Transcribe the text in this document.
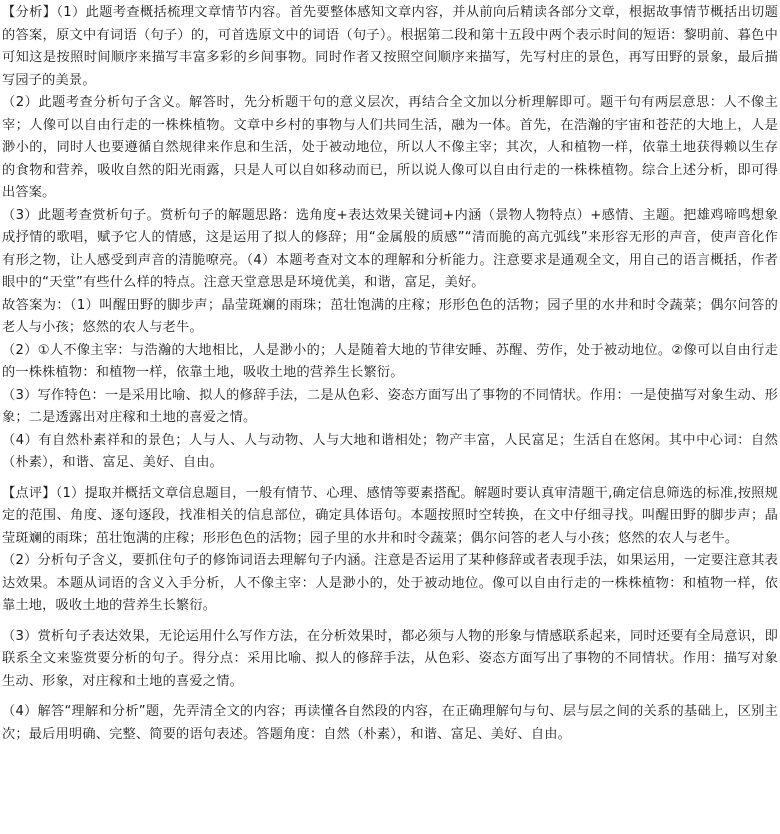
【分析】（1）此题考查概括梳理文章情节内容。首先要整体感知文章内容，并从前向后精读各部分文章，根据故事情节概括出切题的答案，原文中有词语（句子）的，可首选原文中的词语（句子）。根据第二段和第十五段中两个表示时间的短语：黎明前、暮色中可知这是按照时间顺序来描写丰富多彩的乡间事物。同时作者又按照空间顺序来描写，先写村庄的景色，再写田野的景象，最后描写园子的美景。

（2）此题考查分析句子含义。解答时，先分析题干句的意义层次，再结合全文加以分析理解即可。题干句有两层意思：人不像主宰；人像可以自由行走的一株株植物。文章中乡村的事物与人们共同生活，融为一体。首先，在浩瀚的宇宙和苍茫的大地上，人是渺小的，同时人也要遵循自然规律来作息和生活，处于被动地位，所以人不像主宰；其次，人和植物一样，依靠土地获得赖以生存的食物和营养，吸收自然的阳光雨露，只是人可以自如移动而已，所以说人像可以自由行走的一株株植物。综合上述分析，即可得出答案。

（3）此题考查赏析句子。赏析句子的解题思路：选角度+表达效果关键词+内涵（景物人物特点）+感情、主题。把雄鸡啼鸣想象成抒情的歌唱，赋予它人的情感，这是运用了拟人的修辞；用“金属般的质感”“清而脆的高亢弧线”来形容无形的声音，使声音化作有形之物，让人感受到声音的清脆嘹亮。（4）本题考查对文本的理解和分析能力。注意要求是通观全文，用自己的语言概括，作者眼中的“天堂”有些什么样的特点。注意天堂意思是环境优美，和谐，富足，美好。

故答案为：（1）叫醒田野的脚步声；晶莹斑斓的雨珠；茁壮饱满的庄稼；形形色色的活物；园子里的水井和时令蔬菜；偶尔问答的老人与小孩；悠然的农人与老牛。

（2）①人不像主宰：与浩瀚的大地相比，人是渺小的；人是随着大地的节律安睡、苏醒、劳作，处于被动地位。②像可以自由行走的一株株植物：和植物一样，依靠土地，吸收土地的营养生长繁衍。

（3）写作特色：一是采用比喻、拟人的修辞手法，二是从色彩、姿态方面写出了事物的不同情状。作用：一是使描写对象生动、形象；二是透露出对庄稼和土地的喜爱之情。

（4）有自然朴素祥和的景色；人与人、人与动物、人与大地和谐相处；物产丰富，人民富足；生活自在悠闲。其中中心词：自然（朴素），和谐、富足、美好、自由。

【点评】（1）提取并概括文章信息题目，一般有情节、心理、感情等要素搭配。解题时要认真审清题干,确定信息筛选的标准,按照规定的范围、角度、逐句逐段，找准相关的信息部位，确定具体语句。本题按照时空转换，在文中仔细寻找。叫醒田野的脚步声；晶莹斑斓的雨珠；茁壮饱满的庄稼；形形色色的活物；园子里的水井和时令蔬菜；偶尔问答的老人与小孩；悠然的农人与老牛。

（2）分析句子含义，要抓住句子的修饰词语去理解句子内涵。注意是否运用了某种修辞或者表现手法，如果运用，一定要注意其表达效果。本题从词语的含义入手分析，人不像主宰：人是渺小的，处于被动地位。像可以自由行走的一株株植物：和植物一样，依靠土地，吸收土地的营养生长繁衍。

（3）赏析句子表达效果，无论运用什么写作方法，在分析效果时，都必须与人物的形象与情感联系起来，同时还要有全局意识，即联系全文来鉴赏要分析的句子。得分点：采用比喻、拟人的修辞手法，从色彩、姿态方面写出了事物的不同情状。作用：描写对象生动、形象，对庄稼和土地的喜爱之情。

（4）解答“理解和分析”题，先弄清全文的内容；再读懂各自然段的内容，在正确理解句与句、层与层之间的关系的基础上，区别主次；最后用明确、完整、简要的语句表述。答题角度：自然（朴素），和谐、富足、美好、自由。
